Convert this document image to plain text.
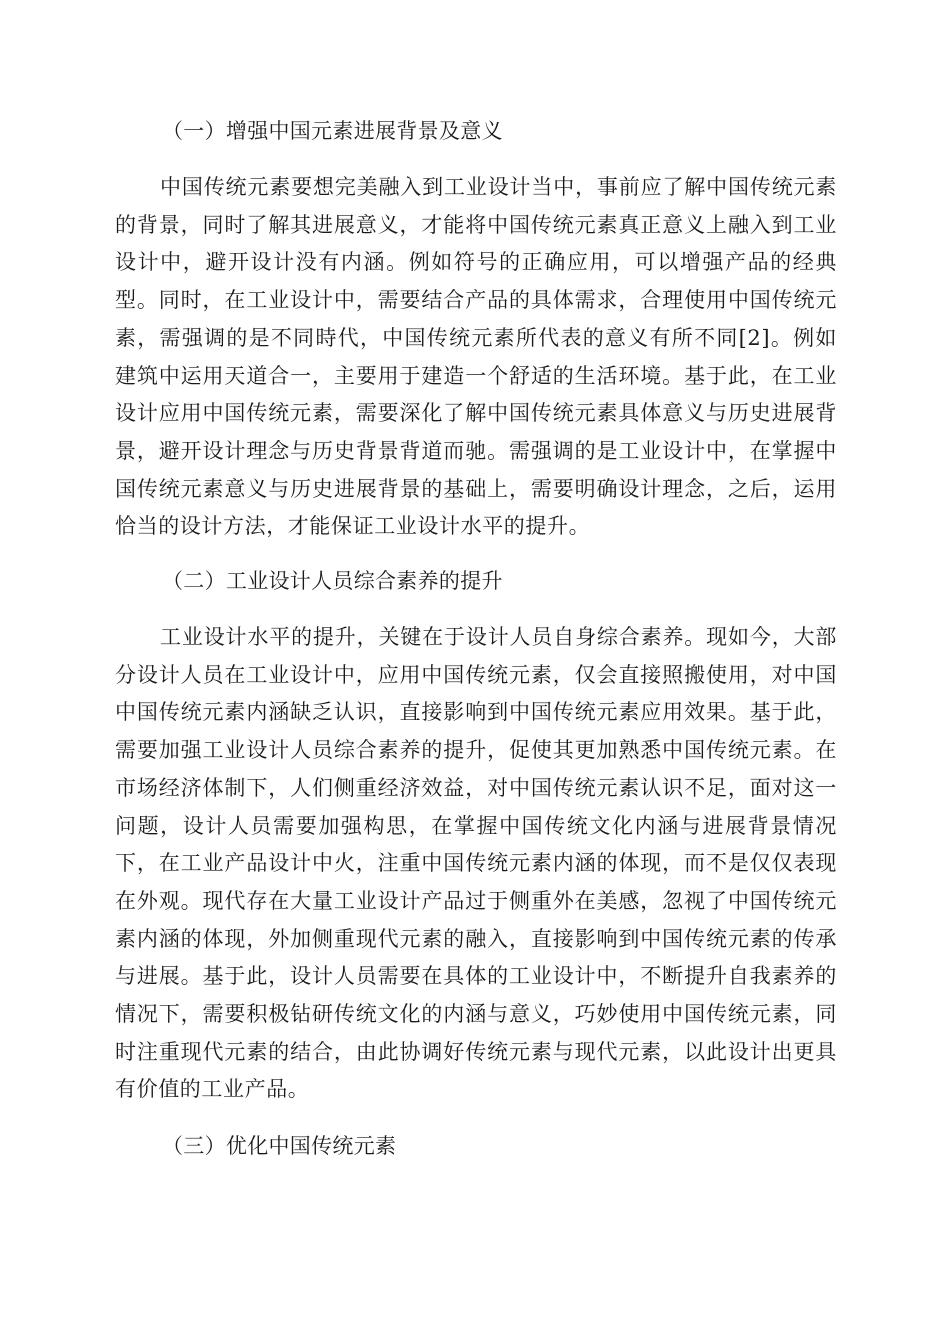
（一）增强中国元素进展背景及意义

中国传统元素要想完美融入到工业设计当中，事前应了解中国传统元素的背景，同时了解其进展意义，才能将中国传统元素真正意义上融入到工业设计中，避开设计没有内涵。例如符号的正确应用，可以增强产品的经典型。同时，在工业设计中，需要结合产品的具体需求，合理使用中国传统元素，需强调的是不同時代，中国传统元素所代表的意义有所不同[2]。例如建筑中运用天道合一，主要用于建造一个舒适的生活环境。基于此，在工业设计应用中国传统元素，需要深化了解中国传统元素具体意义与历史进展背景，避开设计理念与历史背景背道而驰。需强调的是工业设计中，在掌握中国传统元素意义与历史进展背景的基础上，需要明确设计理念，之后，运用恰当的设计方法，才能保证工业设计水平的提升。

（二）工业设计人员综合素养的提升

工业设计水平的提升，关键在于设计人员自身综合素养。现如今，大部分设计人员在工业设计中，应用中国传统元素，仅会直接照搬使用，对中国中国传统元素内涵缺乏认识，直接影响到中国传统元素应用效果。基于此，需要加强工业设计人员综合素养的提升，促使其更加熟悉中国传统元素。在市场经济体制下，人们侧重经济效益，对中国传统元素认识不足，面对这一问题，设计人员需要加强构思，在掌握中国传统文化内涵与进展背景情况下，在工业产品设计中火，注重中国传统元素内涵的体现，而不是仅仅表现在外观。现代存在大量工业设计产品过于侧重外在美感，忽视了中国传统元素内涵的体现，外加侧重现代元素的融入，直接影响到中国传统元素的传承与进展。基于此，设计人员需要在具体的工业设计中，不断提升自我素养的情况下，需要积极钻研传统文化的内涵与意义，巧妙使用中国传统元素，同时注重现代元素的结合，由此协调好传统元素与现代元素，以此设计出更具有价值的工业产品。

（三）优化中国传统元素
